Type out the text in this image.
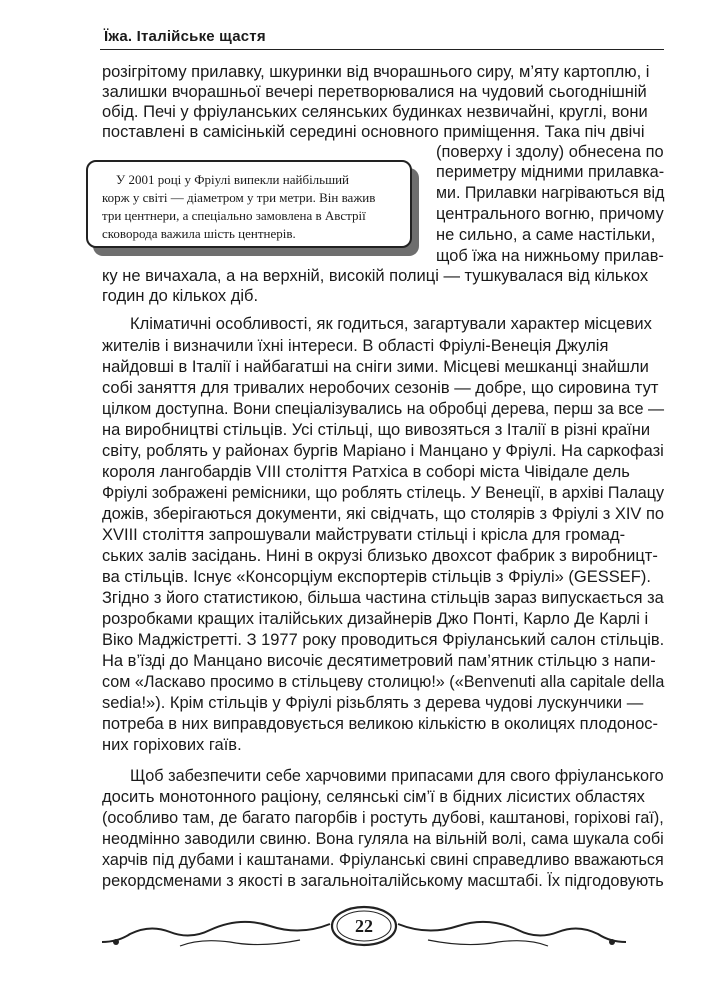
Їжа. Італійське щастя
У 2001 році у Фріулі випекли найбільший
корж у світі — діаметром у три метри. Він важив
три центнери, а спеціально замовлена в Австрії
сковорода важила шість центнерів.
розігрітому прилавку, шкуринки від вчорашнього сиру, м’яту картоплю, і
залишки вчорашньої вечері перетворювалися на чудовий сьогоднішній
обід. Печі у фріуланських селянських будинках незвичайні, круглі, вони
поставлені в самісінькій середині основного приміщення. Така піч двічі
(поверху і здолу) обнесена по
периметру мідними прилавка-
ми. Прилавки нагріваються від
центрального вогню, причому
не сильно, а саме настільки,
щоб їжа на нижньому прилав-
ку не вичахала, а на верхній, високій полиці — тушкувалася від кількох
годин до кількох діб.
Кліматичні особливості, як годиться, загартували характер місцевих
жителів і визначили їхні інтереси. В області Фріулі-Венеція Джулія
найдовші в Італії і найбагатші на сніги зими. Місцеві мешканці знайшли
собі заняття для тривалих неробочих сезонів — добре, що сировина тут
цілком доступна. Вони спеціалізувались на обробці дерева, перш за все —
на виробництві стільців. Усі стільці, що вивозяться з Італії в різні країни
світу, роблять у районах бургів Маріано і Манцано у Фріулі. На саркофазі
короля лангобардів VIII століття Ратхіса в соборі міста Чівідале дель
Фріулі зображені ремісники, що роблять стілець. У Венеції, в архіві Палацу
дожів, зберігаються документи, які свідчать, що столярів з Фріулі з XIV по
XVIII століття запрошували майструвати стільці і крісла для громад-
ських залів засідань. Нині в окрузі близько двохсот фабрик з виробницт-
ва стільців. Існує «Консорціум експортерів стільців з Фріулі» (GESSEF).
Згідно з його статистикою, більша частина стільців зараз випускається за
розробками кращих італійських дизайнерів Джо Понті, Карло Де Карлі і
Віко Маджістретті. З 1977 року проводиться Фріуланський салон стільців.
На в’їзді до Манцано височіє десятиметровий пам’ятник стільцю з напи-
сом «Ласкаво просимо в стільцеву столицю!» («Benvenuti alla capitale della
sedia!»). Крім стільців у Фріулі різьблять з дерева чудові лускунчики —
потреба в них виправдовується великою кількістю в околицях плодонос-
них горіхових гаїв.
Щоб забезпечити себе харчовими припасами для свого фріуланського
досить монотонного раціону, селянські сім’ї в бідних лісистих областях
(особливо там, де багато пагорбів і ростуть дубові, каштанові, горіхові гаї),
неодмінно заводили свиню. Вона гуляла на вільній волі, сама шукала собі
харчів під дубами і каштанами. Фріуланські свині справедливо вважаються
рекордсменами з якості в загальноіталійському масштабі. Їх підгодовують
22
